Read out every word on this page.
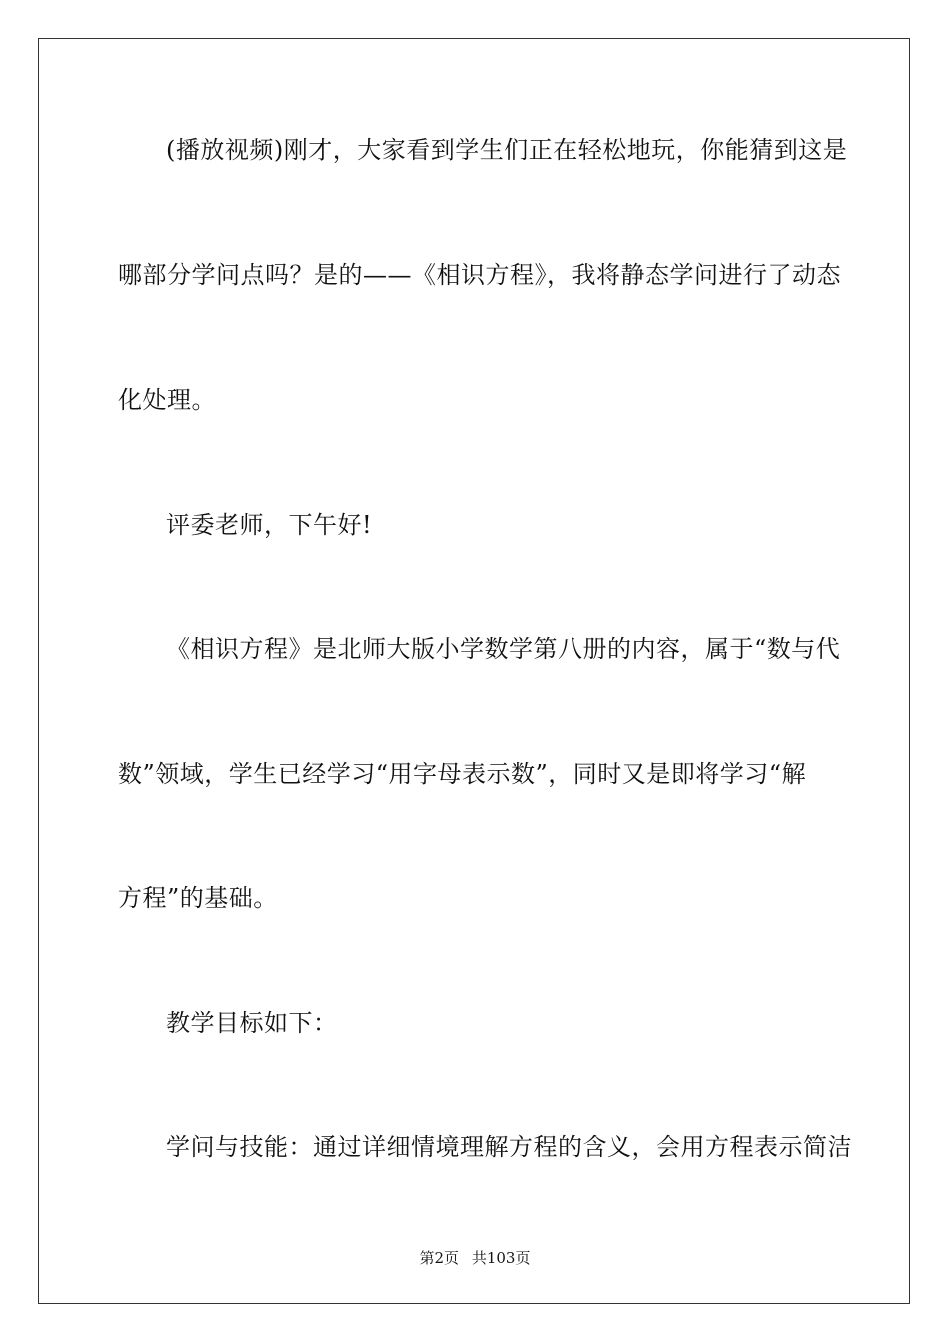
(播放视频)刚才，大家看到学生们正在轻松地玩，你能猜到这是
哪部分学问点吗？是的——《相识方程》，我将静态学问进行了动态
化处理。
评委老师，下午好!
《相识方程》是北师大版小学数学第八册的内容，属于“数与代
数”领域，学生已经学习“用字母表示数”，同时又是即将学习“解
方程”的基础。
教学目标如下：
学问与技能：通过详细情境理解方程的含义，会用方程表示简洁
第2页 共103页
